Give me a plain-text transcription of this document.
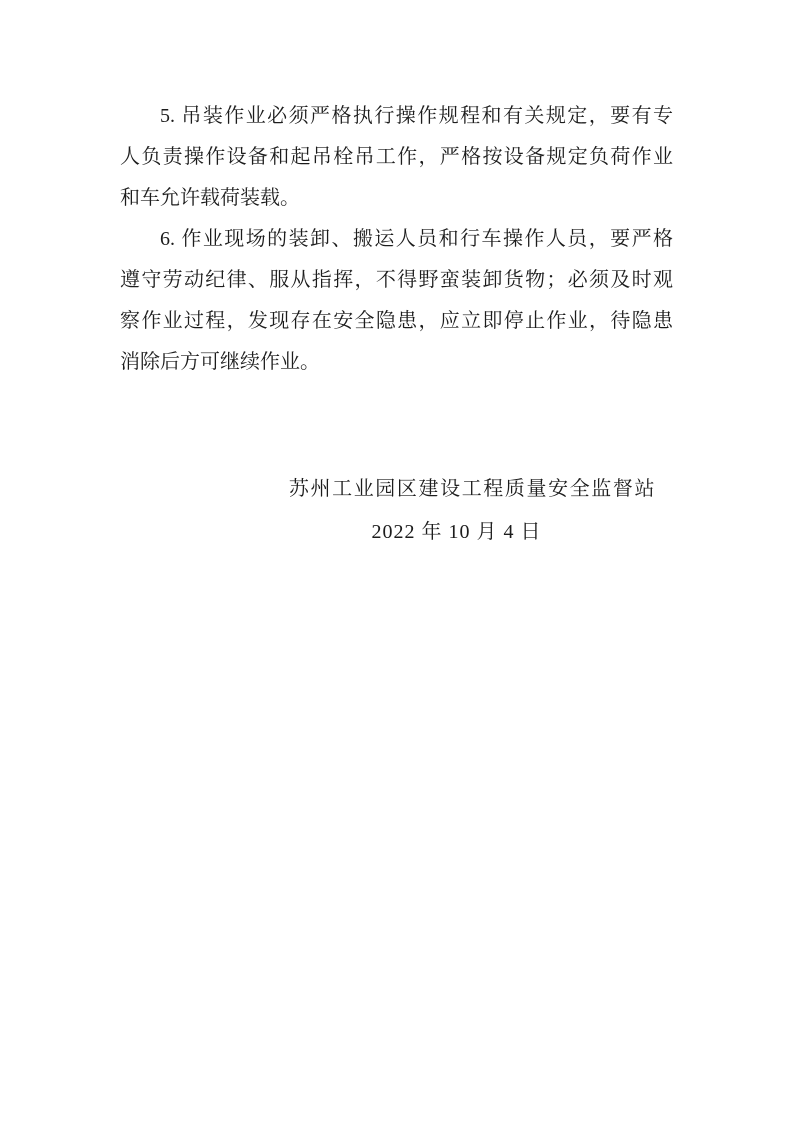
5. 吊装作业必须严格执行操作规程和有关规定，要有专
人负责操作设备和起吊栓吊工作，严格按设备规定负荷作业
和车允许载荷装载。
6. 作业现场的装卸、搬运人员和行车操作人员，要严格
遵守劳动纪律、服从指挥，不得野蛮装卸货物；必须及时观
察作业过程，发现存在安全隐患，应立即停止作业，待隐患
消除后方可继续作业。
苏州工业园区建设工程质量安全监督站
2022 年 10 月 4 日
